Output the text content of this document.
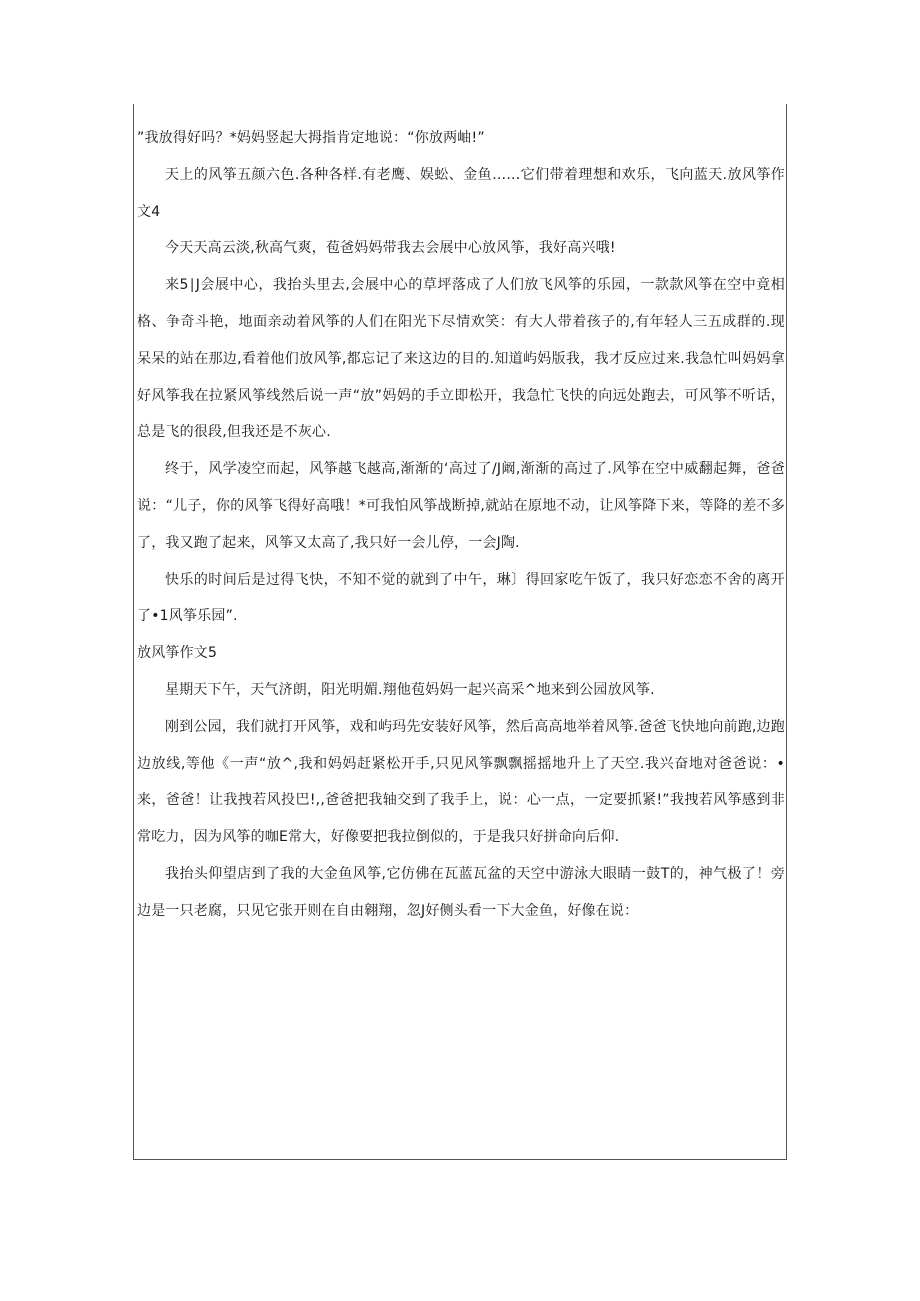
”我放得好吗？*妈妈竖起大拇指肯定地说：“你放两岫!”

天上的风筝五颜六色.各种各样.有老鹰、娱蚣、金鱼……它们带着理想和欢乐，飞向蓝天.放风筝作文4

今天天高云淡,秋高气爽，苞爸妈妈带我去会展中心放风筝，我好高兴哦!

来5∣J会展中心，我抬头里去,会展中心的草坪落成了人们放飞风筝的乐园，一款款风筝在空中竟相格、争奇斗艳，地面亲动着风筝的人们在阳光下尽情欢笑：有大人带着孩子的,有年轻人三五成群的.现呆呆的站在那边,看着他们放风筝,都忘记了来这边的目的.知道屿妈版我，我才反应过来.我急忙叫妈妈拿好风筝我在拉紧风筝线然后说一声“放”妈妈的手立即松开，我急忙飞快的向远处跑去，可风筝不听话，总是飞的很段,但我还是不灰心.

终于，风学凌空而起，风筝越飞越高,渐渐的‘高过了/J阚,渐渐的高过了.风筝在空中威翻起舞，爸爸说：“儿子，你的风筝飞得好高哦！*可我怕风筝战断掉,就站在原地不动，让风筝降下来，等降的差不多了，我又跑了起来，风筝又太高了,我只好一会儿停，一会J陶.

快乐的时间后是过得飞快，不知不觉的就到了中午，琳〕得回家吃午饭了，我只好恋恋不舍的离开了•1风筝乐园”.

放风筝作文5

星期天下午，天气济朗，阳光明媚.翔他苞妈妈一起兴高采^地来到公园放风筝.

刚到公园，我们就打开风筝，戏和屿玛先安装好风筝，然后高高地举着风筝.爸爸飞快地向前跑,边跑边放线,等他《一声“放^,我和妈妈赶紧松开手,只见风筝飘飘摇摇地升上了天空.我兴奋地对爸爸说：•来，爸爸！让我拽若风投巴!,,爸爸把我轴交到了我手上，说：心一点，一定要抓紧!”我拽若风筝感到非常吃力，因为风筝的咖E常大，好像要把我拉倒似的，于是我只好拼命向后仰.

我抬头仰望店到了我的大金鱼风筝,它仿佛在瓦蓝瓦盆的天空中游泳大眼睛一鼓T的，神气极了！旁边是一只老腐，只见它张开则在自由翱翔，忽J好侧头看一下大金鱼，好像在说：
